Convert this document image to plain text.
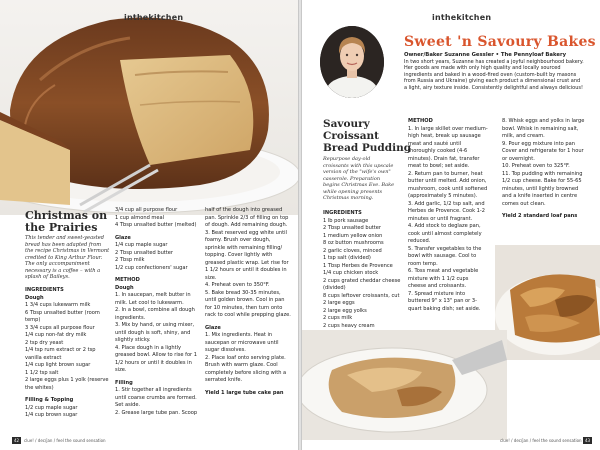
inthekitchen
Christmas on
the Prairies
This tender and sweet-yeasted bread has been adapted from the recipe Christmas in Vermont credited to King Arthur Flour. The only accompaniment necessary is a coffee – with a splash of Baileys.

INGREDIENTS

Dough

1 3/4 cups lukewarm milk

6 Tbsp unsalted butter (room temp)

3 3/4 cups all purpose flour

1/4 cup non-fat dry milk

2 tsp dry yeast

1/4 tsp rum extract or 2 tsp vanilla extract

1/4 cup light brown sugar

1 1/2 tsp salt

2 large eggs plus 1 yolk (reserve the whites)

Filling & Topping

1/2 cup maple sugar

1/4 cup brown sugar

3/4 cup all purpose flour

1 cup almond meal

4 Tbsp unsalted butter (melted)

Glaze

1/4 cup maple sugar

2 Tbsp unsalted butter

2 Tbsp milk

1/2 cup confectioners' sugar

METHOD

Dough

1. In saucepan, melt butter in milk. Let cool to lukewarm.

2. In a bowl, combine all dough ingredients.

3. Mix by hand, or using mixer, until dough is soft, shiny, and slightly sticky.

4. Place dough in a lightly greased bowl. Allow to rise for 1 1/2 hours or until it doubles in size.

Filling

1. Stir together all ingredients until coarse crumbs are formed. Set aside.

2. Grease large tube pan. Scoop

half of the dough into greased pan. Sprinkle 2/3 of filling on top of dough. Add remaining dough.

3. Beat reserved egg white until foamy. Brush over dough, sprinkle with remaining filling/ topping. Cover lightly with greased plastic wrap. Let rise for 1 1/2 hours or until it doubles in size.

4. Preheat oven to 350°F.

5. Bake bread 30-35 minutes, until golden brown. Cool in pan for 10 minutes, then turn onto rack to cool while prepping glaze.

Glaze

1. Mix ingredients. Heat in saucepan or microwave until sugar dissolves.

2. Place loaf onto serving plate. Brush with warm glaze. Cool completely before slicing with a serrated knife.

Yield 1 large tube cake pan

42	clue! / dec/jan / feel the sound sensation
inthekitchen
Sweet 'n Savoury Bakes
Owner/Baker Suzanne Gessler • The Pennyloaf Bakery
In two short years, Suzanne has created a joyful neighbourhood bakery. Her goods are made with only high quality and locally sourced ingredients and baked in a wood-fired oven (custom-built by masons from Russia and Ukraine) giving each product a dimensional crust and a light, airy texture inside. Consistently delightful and always delicious!
Savoury
Croissant
Bread Pudding
Repurpose day-old croissants with this upscale version of the "wife's own" casserole. Preparation begins Christmas Eve. Bake while opening presents Christmas morning.

INGREDIENTS

1 lb pork sausage

2 Tbsp unsalted butter

1 medium yellow onion

8 oz button mushrooms

2 garlic cloves, minced

1 tsp salt (divided)

1 Tbsp Herbes de Provence

1/4 cup chicken stock

2 cups grated cheddar cheese (divided)

8 cups leftover croissants, cut

2 large eggs

2 large egg yolks

2 cups milk

2 cups heavy cream

METHOD

1. In large skillet over medium-high heat, break up sausage meat and sauté until thoroughly cooked (4-6 minutes). Drain fat, transfer meat to bowl; set aside.

2. Return pan to burner, heat butter until melted. Add onion, mushroom, cook until softened (approximately 5 minutes).

3. Add garlic, 1/2 tsp salt, and Herbes de Provence. Cook 1-2 minutes or until fragrant.

4. Add stock to deglaze pan, cook until almost completely reduced.

5. Transfer vegetables to the bowl with sausage. Cool to room temp.

6. Toss meat and vegetable mixture with 1 1/2 cups cheese and croissants.

7. Spread mixture into buttered 9" x 13" pan or 3-quart baking dish; set aside.

8. Whisk eggs and yolks in large bowl. Whisk in remaining salt, milk, and cream.

9. Pour egg mixture into pan Cover and refrigerate for 1 hour or overnight.

10. Preheat oven to 325°F.

11. Top pudding with remaining 1/2 cup cheese. Bake for 55-65 minutes, until lightly browned and a knife inserted in centre comes out clean.

Yield 2 standard loaf pans

43
clue! / dec/jan / feel the sound sensation
